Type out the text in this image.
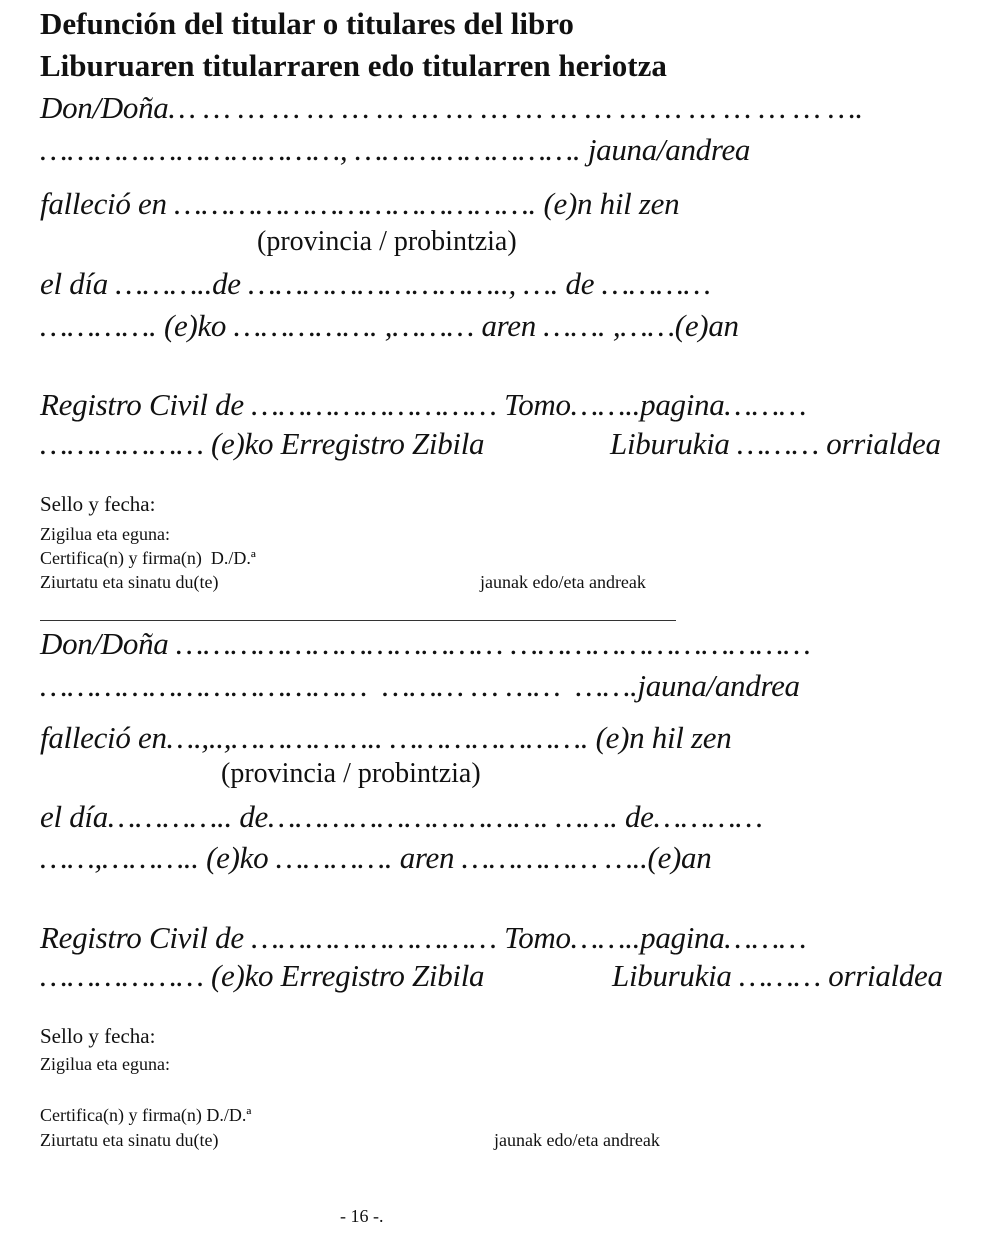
Defunción del titular o titulares del libro
Liburuaren titularraren edo titularren heriotza
Don/Doña… … … … … … … … … … … … … … … … … … … ….
……………………………, ……………………. jauna/andrea
falleció en …………………………………. (e)n hil zen
(provincia / probintzia)
el día ………..de ……………………….., …. de …………
…………. (e)ko ……………. ,……… aren ……. ,……(e)an
Registro Civil de ……………………… Tomo……..pagina………
……………… (e)ko Erregistro Zibila	Liburukia ……… orrialdea
Sello y fecha:
Zigilua eta eguna:
Certifica(n) y firma(n)  D./D.ª
Ziurtatu eta sinatu du(te)	jaunak edo/eta andreak
Don/Doña ……………………………… ……………………………
………………………………  ……… … ……  …….jauna/andrea
falleció en….,..,…………….. …………………. (e)n hil zen
(provincia / probintzia)
el día………….. de…………………………. ……. de…………
……,……….. (e)ko …………. aren …………… …..(e)an
Registro Civil de ……………………… Tomo……..pagina………
……………… (e)ko Erregistro Zibila	Liburukia ……… orrialdea
Sello y fecha:
Zigilua eta eguna:
Certifica(n) y firma(n) D./D.ª
Ziurtatu eta sinatu du(te)	jaunak edo/eta andreak
- 16 -.
